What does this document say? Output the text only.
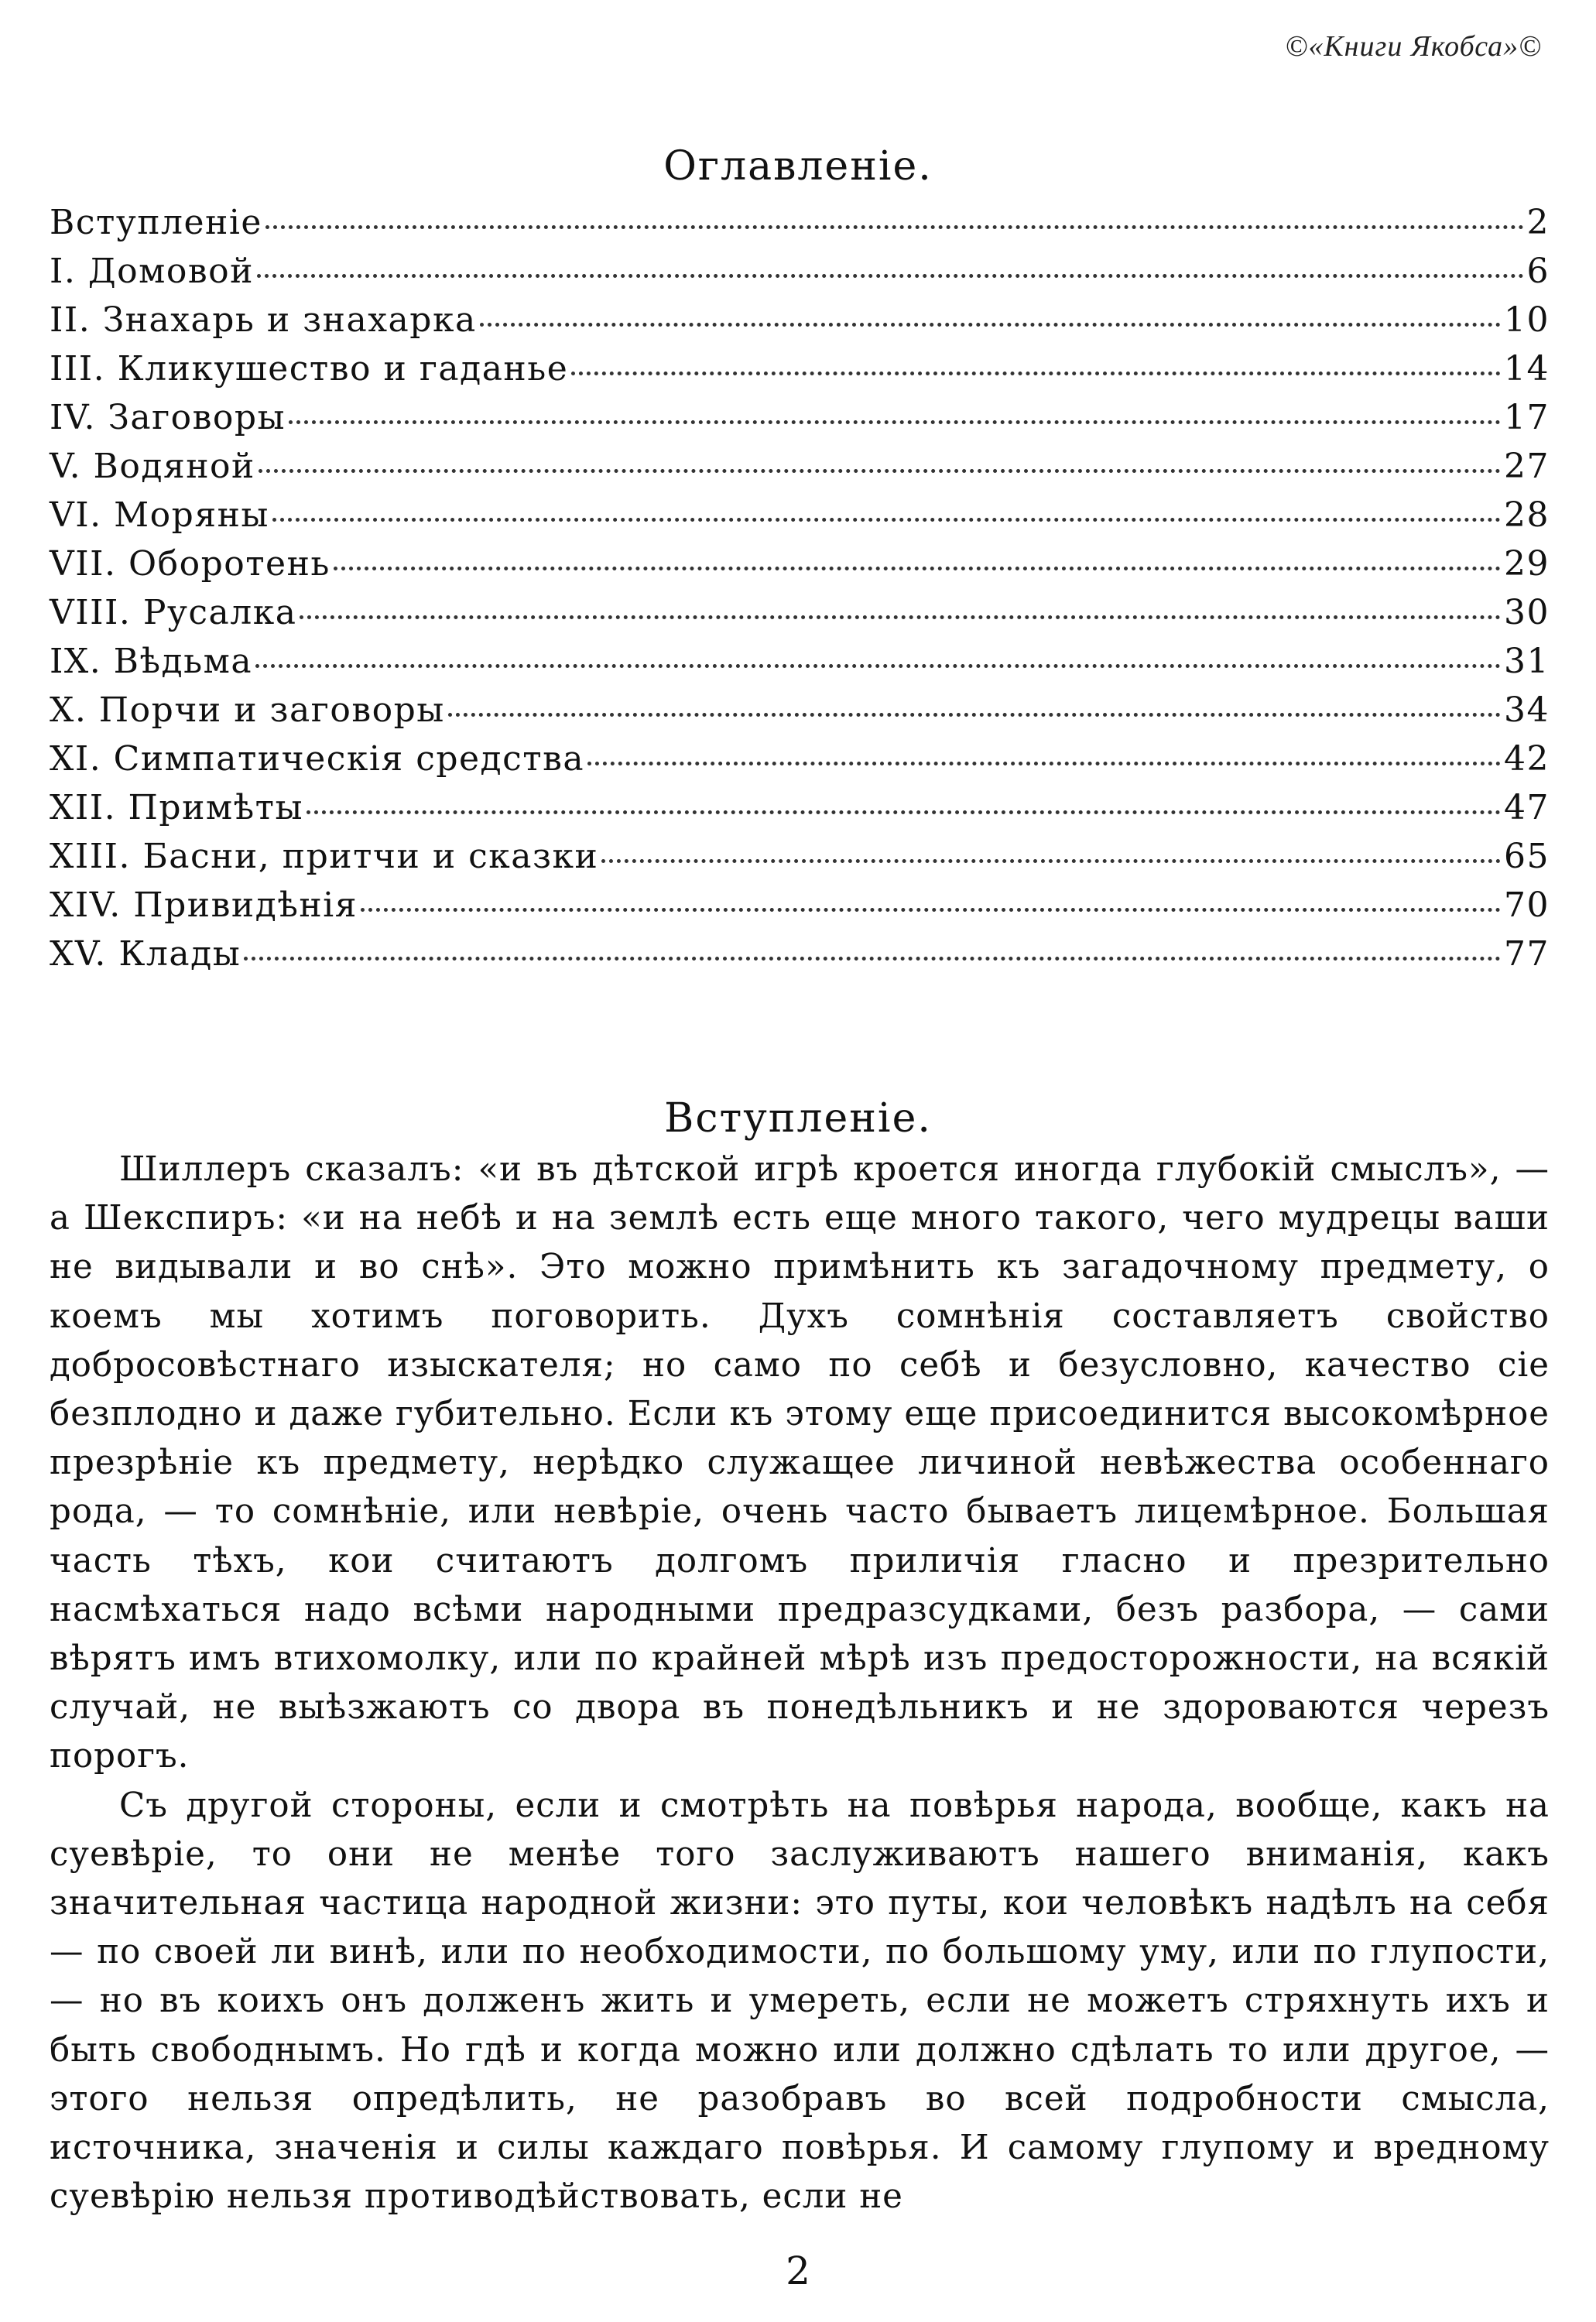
©«Книги Якобса»©
Оглавленіе.
Вступленіе	2
I. Домовой	6
II. Знахарь и знахарка	10
III. Кликушество и гаданье	14
IV. Заговоры	17
V. Водяной	27
VI. Моряны	28
VII. Оборотень	29
VIII. Русалка	30
IX. Вѣдьма	31
X. Порчи и заговоры	34
XI. Симпатическія средства	42
XII. Примѣты	47
XIII. Басни, притчи и сказки	65
XIV. Привидѣнія	70
XV. Клады	77
Вступленіе.

Шиллеръ сказалъ: «и въ дѣтской игрѣ кроется иногда глубокій смыслъ», — а Шекспиръ: «и на небѣ и на землѣ есть еще много такого, чего мудрецы ваши не видывали и во снѣ». Это можно примѣнить къ загадочному предмету, о коемъ мы хотимъ поговорить. Духъ сомнѣнія составляетъ свойство добросовѣстнаго изыскателя; но само по себѣ и безусловно, качество сіе безплодно и даже губительно. Если къ этому еще присоединится высокомѣрное презрѣніе къ предмету, нерѣдко служащее личиной невѣжества особеннаго рода, — то сомнѣніе, или невѣріе, очень часто бываетъ лицемѣрное. Большая часть тѣхъ, кои считаютъ долгомъ приличія гласно и презрительно насмѣхаться надо всѣми народными предразсудками, безъ разбора, — сами вѣрятъ имъ втихомолку, или по крайней мѣрѣ изъ предосторожности, на всякій случай, не выѣзжаютъ со двора въ понедѣльникъ и не здороваются черезъ порогъ.

Съ другой стороны, если и смотрѣть на повѣрья народа, вообще, какъ на суевѣріе, то они не менѣе того заслуживаютъ нашего вниманія, какъ значительная частица народной жизни: это путы, кои человѣкъ надѣлъ на себя — по своей ли винѣ, или по необходимости, по большому уму, или по глупости, — но въ коихъ онъ долженъ жить и умереть, если не можетъ стряхнуть ихъ и быть свободнымъ. Но гдѣ и когда можно или должно сдѣлать то или другое, — этого нельзя опредѣлить, не разобравъ во всей подробности смысла, источника, значенія и силы каждаго повѣрья. И самому глупому и вредному суевѣрію нельзя противодѣйствовать, если не

2
